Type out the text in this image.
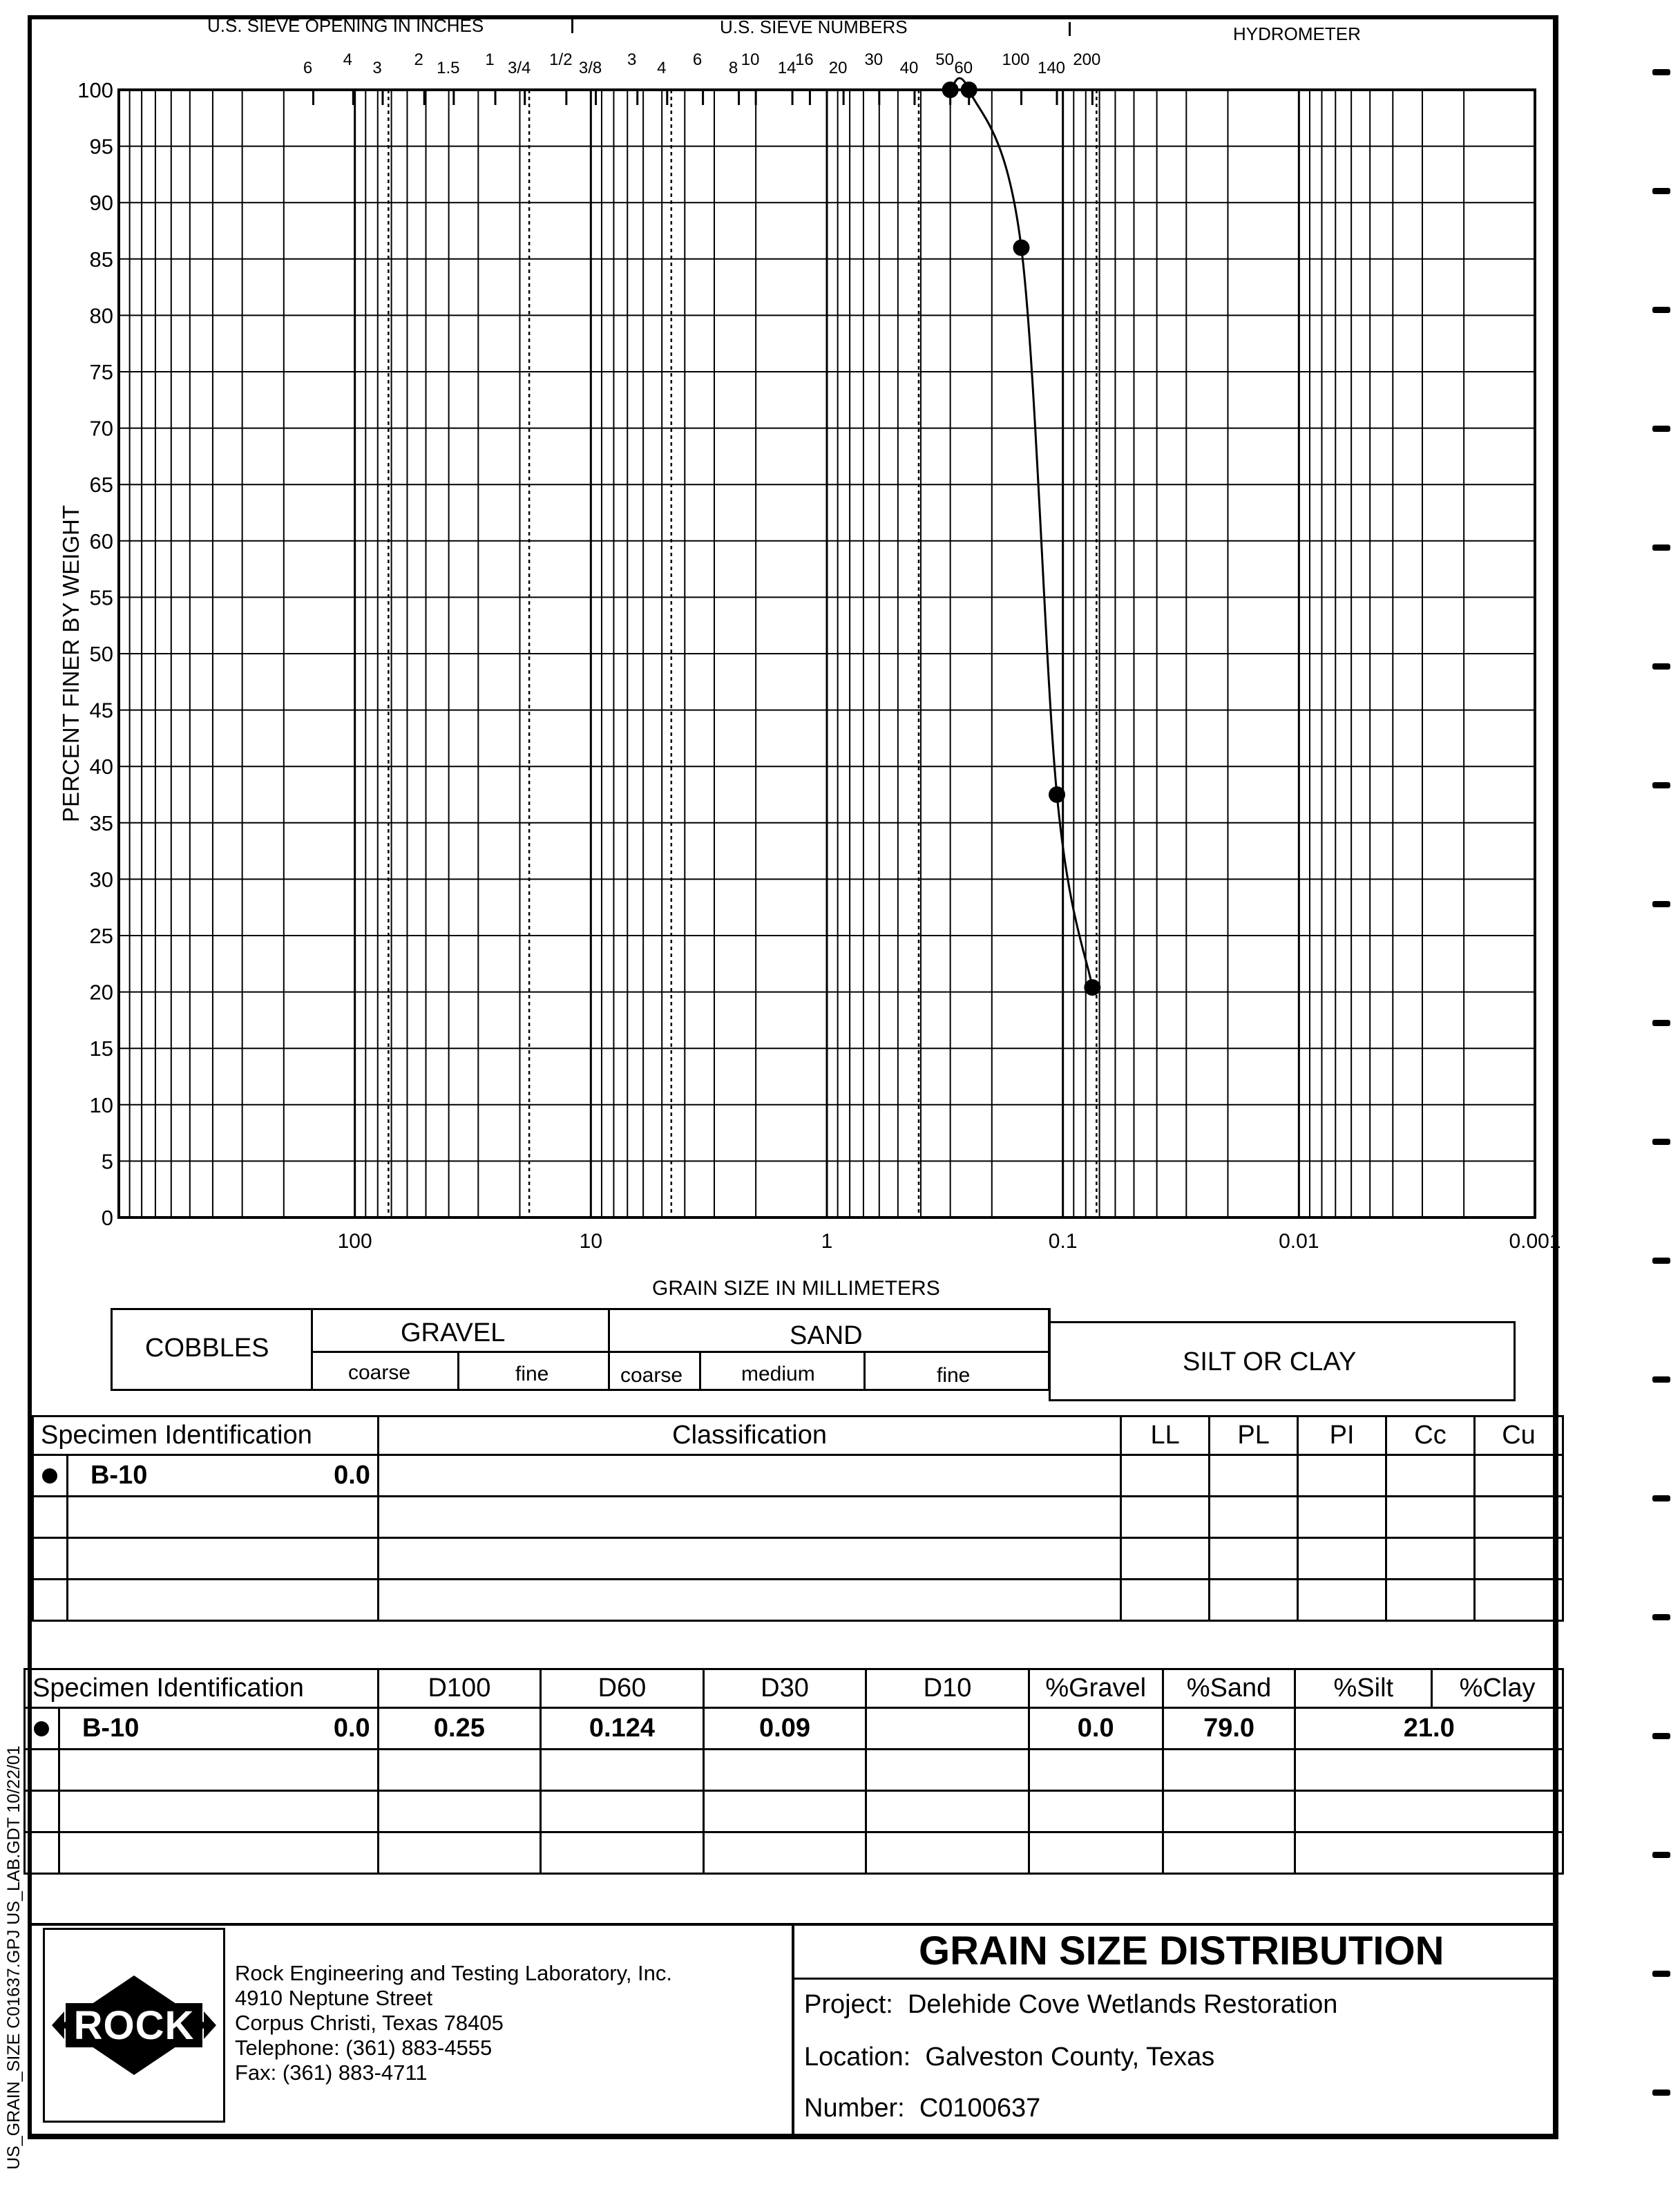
U.S. SIEVE OPENING IN INCHES	U.S. SIEVE NUMBERS	HYDROMETER
0
5
10
15
20
25
30
35
40
45
50
55
60
65
70
75
80
85
90
95
100
100	10	1	0.1	0.01	0.001
6 4 3 2 1.5 1 3/4 1/2 3/8 3 4 6 8 10 14
16 20 30 40 50 60 100 140 200
PERCENT FINER BY WEIGHT
GRAIN SIZE IN MILLIMETERS
COBBLES
GRAVEL
coarse	fine
SAND
coarse	medium	fine	SILT OR CLAY
Specimen Identification		Classification	LL	PL	PI	Cc	Cu
	B-10 0.0						

Specimen Identification		D100	D60	D30	D10	%Gravel	%Sand	%Silt	%Clay
	B-10 0.0	0.25	0.124	0.09		0.0	79.0	21.0	

ROCK
Rock Engineering and Testing Laboratory, Inc.
4910 Neptune Street
Corpus Christi, Texas 78405
Telephone: (361) 883-4555
Fax: (361) 883-4711
GRAIN SIZE DISTRIBUTION
Project: Delehide Cove Wetlands Restoration
Location: Galveston County, Texas
Number: C0100637
US_GRAIN_SIZE C01637.GPJ US_LAB.GDT 10/22/01
